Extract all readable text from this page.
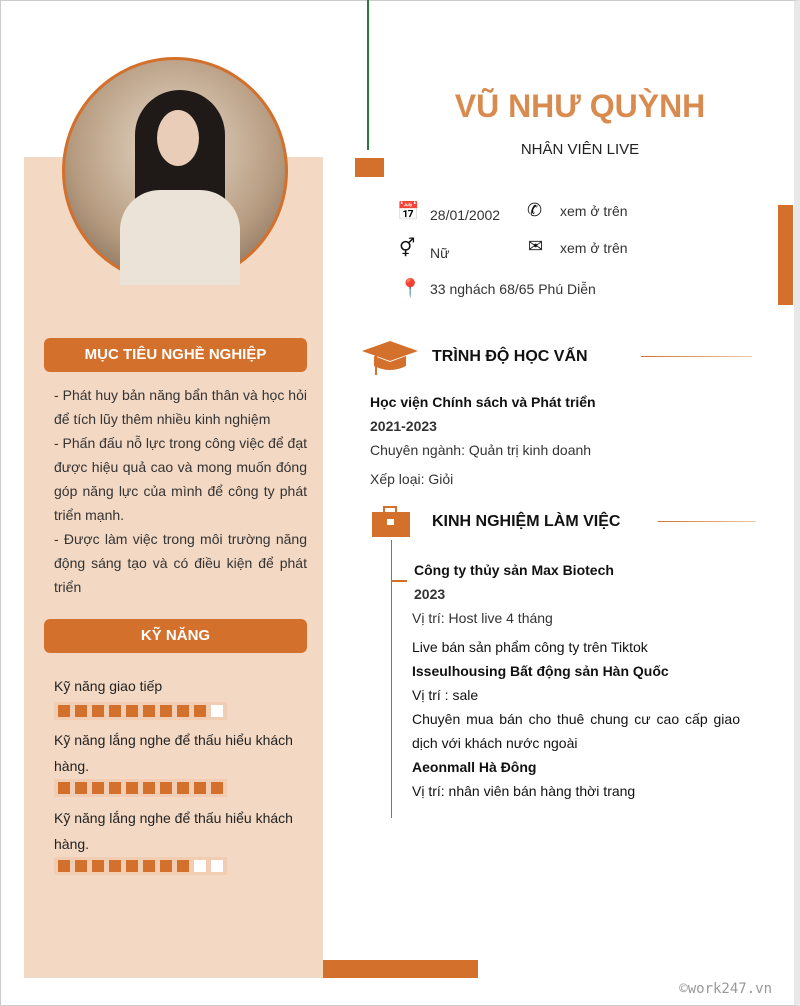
VŨ NHƯ QUỲNH
NHÂN VIÊN LIVE
📅 28/01/2002
⚥ Nữ
📍 33 nghách 68/65 Phú Diễn
✆ xem ở trên
✉ xem ở trên
MỤC TIÊU NGHỀ NGHIỆP
- Phát huy bản năng bẩn thân và học hỏi để tích lũy thêm nhiều kinh nghiệm
- Phấn đấu nỗ lực trong công việc để đạt được hiệu quả cao và mong muốn đóng góp năng lực của mình để công ty phát triển mạnh.
- Được làm việc trong môi trường năng động sáng tạo và có điều kiện để phát triển
KỸ NĂNG
Kỹ năng giao tiếp
Kỹ năng lắng nghe để thấu hiểu khách hàng.
Kỹ năng lắng nghe để thấu hiểu khách hàng.
TRÌNH ĐỘ HỌC VẤN
Học viện Chính sách và Phát triển
2021-2023
Chuyên ngành: Quản trị kinh doanh
Xếp loại: Giỏi
KINH NGHIỆM LÀM VIỆC
Công ty thủy sản Max Biotech
2023
Vị trí: Host live 4 tháng
Live bán sản phẩm công ty trên Tiktok
Isseulhousing Bất động sản Hàn Quốc
Vị trí : sale
Chuyên mua bán cho thuê chung cư cao cấp giao dịch với khách nước ngoài
Aeonmall Hà Đông
Vị trí: nhân viên bán hàng thời trang
©work247.vn
